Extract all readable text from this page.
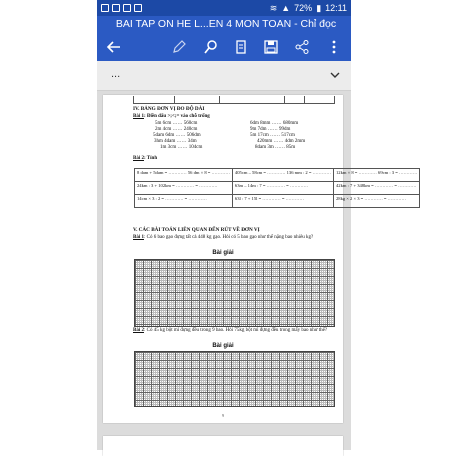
≋ ▲ 72% ▮ 12:11
BAI TAP ON HE L...EN 4 MON TOAN - Chỉ đọc
...
IV. BẢNG ĐƠN VỊ ĐO ĐỘ DÀI
Bài 1: Điền dấu >;<;= vào chỗ trống
5m 6cm …… 560cm	6dm 8mm …… 680mm
2m 4cm …… 240cm	9m 7dm …… 99dm
5dam 6dm …… 506dm	5m 17cm …… 517cm
3hm 4dam …… 34m	420mm …… 4dm 2mm
1m 3cm …… 104cm	8dam 3m …… 85m
Bài 2: Tính
8 dam + 5dam = ………… 56 dm × 8 = …………	405cm – 58cm = ………… 136 mm : 2 = …………	12km × 8 = ………… 69cm : 3 = …………
24km : 3 + 102km = ………… = …………	63m – 14m : 7 = ………… = …………	42km : 7 + 348km = ………… = …………
14cm × 3 : 2 = ………… = …………	63l : 7 + 15l = ………… = …………	28kg × 2 × 3 = ………… = …………
V. CÁC BÀI TOÁN LIÊN QUAN ĐẾN RÚT VỀ ĐƠN VỊ
Bài 1: Có 6 bao gạo đựng tất cả 448 kg gạo. Hỏi có 5 bao gạo như thế nặng bao nhiêu kg?
Bài giải
Bài 2: Có 45 kg bột mì đựng đều trong 9 bao. Hỏi 75kg bột mì đựng đều trong mấy bao như thế?
Bài giải
9
